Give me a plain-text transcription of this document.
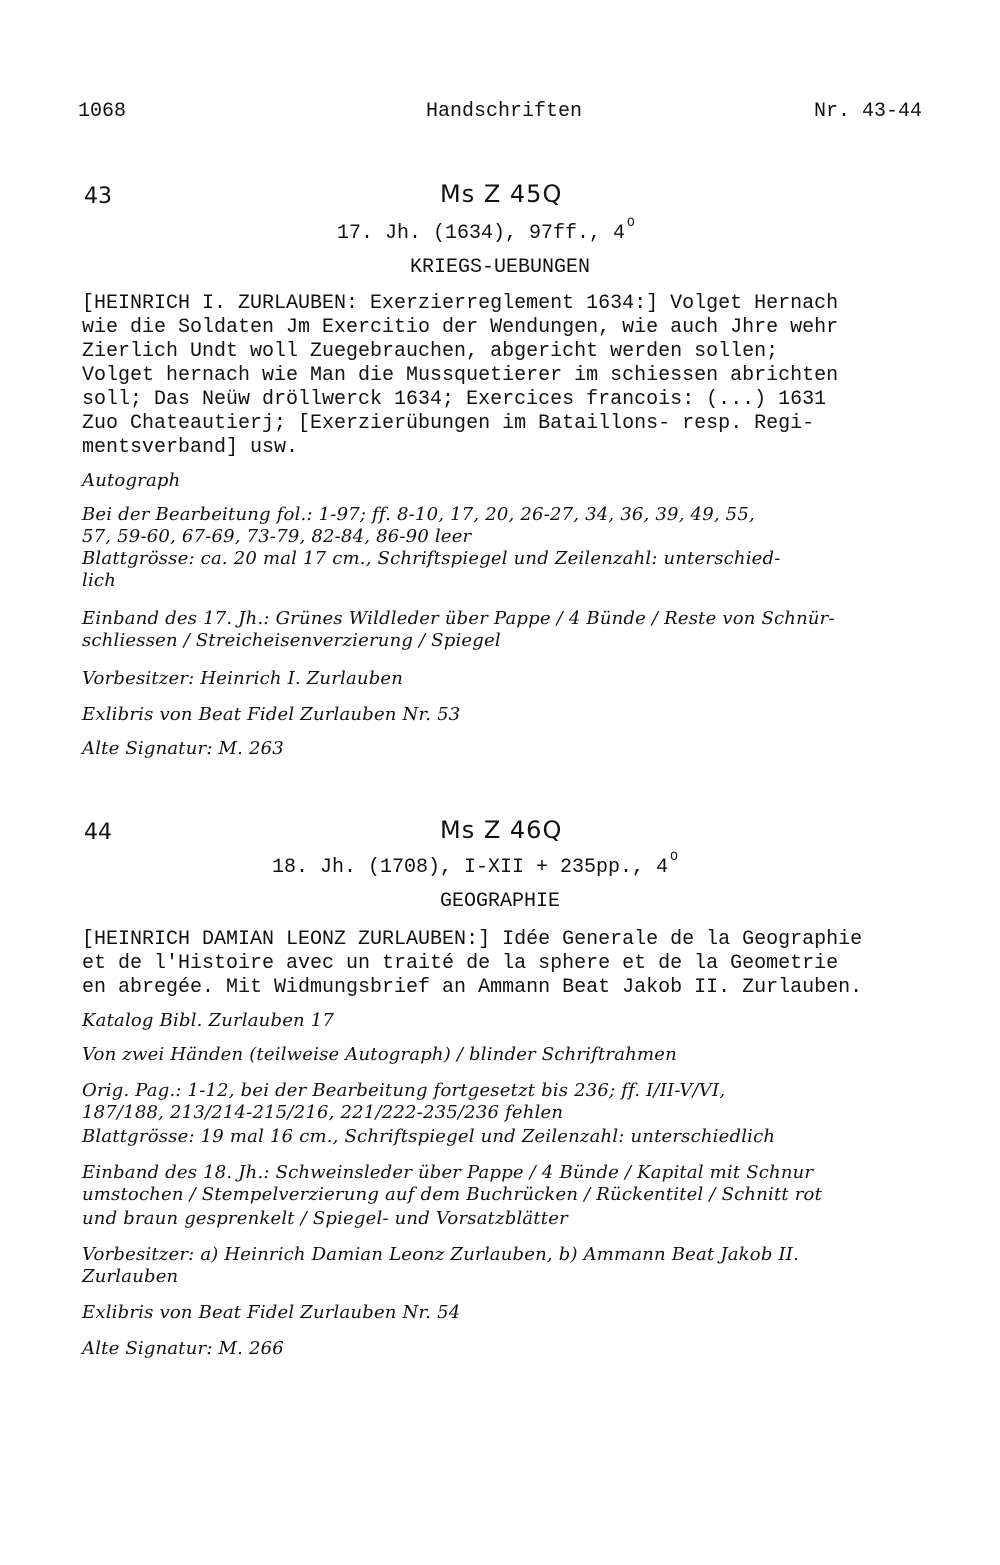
1068	Handschriften	Nr. 43-44
43	Ms Z 45Q
17. Jh. (1634), 97ff., 4 $^O$
KRIEGS-UEBUNGEN
[HEINRICH I. ZURLAUBEN: Exerzierreglement 1634:] Volget Hernach
wie die Soldaten Jm Exercitio der Wendungen, wie auch Jhre wehr
Zierlich Undt woll Zuegebrauchen, abgericht werden sollen;
Volget hernach wie Man die Mussquetierer im schiessen abrichten
soll; Das Neüw dröllwerck 1634; Exercices francois: (...) 1631
Zuo Chateautierj; [Exerzierübungen im Bataillons- resp. Regi-
mentsverband] usw.
Autograph
Bei der Bearbeitung fol.: 1-97; ff. 8-10, 17, 20, 26-27, 34, 36, 39, 49, 55,
57, 59-60, 67-69, 73-79, 82-84, 86-90 leer
Blattgrösse: ca. 20 mal 17 cm., Schriftspiegel und Zeilenzahl: unterschied-
lich
Einband des 17. Jh.: Grünes Wildleder über Pappe / 4 Bünde / Reste von Schnür-
schliessen / Streicheisenverzierung / Spiegel
Vorbesitzer: Heinrich I. Zurlauben
Exlibris von Beat Fidel Zurlauben Nr. 53
Alte Signatur: M. 263
44	Ms Z 46Q
18. Jh. (1708), I-XII + 235pp., 4 $^O$
GEOGRAPHIE
[HEINRICH DAMIAN LEONZ ZURLAUBEN:] Idée Generale de la Geographie
et de l'Histoire avec un traité de la sphere et de la Geometrie
en abregée. Mit Widmungsbrief an Ammann Beat Jakob II. Zurlauben.
Katalog Bibl. Zurlauben 17
Von zwei Händen (teilweise Autograph) / blinder Schriftrahmen
Orig. Pag.: 1-12, bei der Bearbeitung fortgesetzt bis 236; ff. I/II-V/VI,
187/188, 213/214-215/216, 221/222-235/236 fehlen
Blattgrösse: 19 mal 16 cm., Schriftspiegel und Zeilenzahl: unterschiedlich
Einband des 18. Jh.: Schweinsleder über Pappe / 4 Bünde / Kapital mit Schnur
umstochen / Stempelverzierung auf dem Buchrücken / Rückentitel / Schnitt rot
und braun gesprenkelt / Spiegel- und Vorsatzblätter
Vorbesitzer: a) Heinrich Damian Leonz Zurlauben, b) Ammann Beat Jakob II.
Zurlauben
Exlibris von Beat Fidel Zurlauben Nr. 54
Alte Signatur: M. 266
